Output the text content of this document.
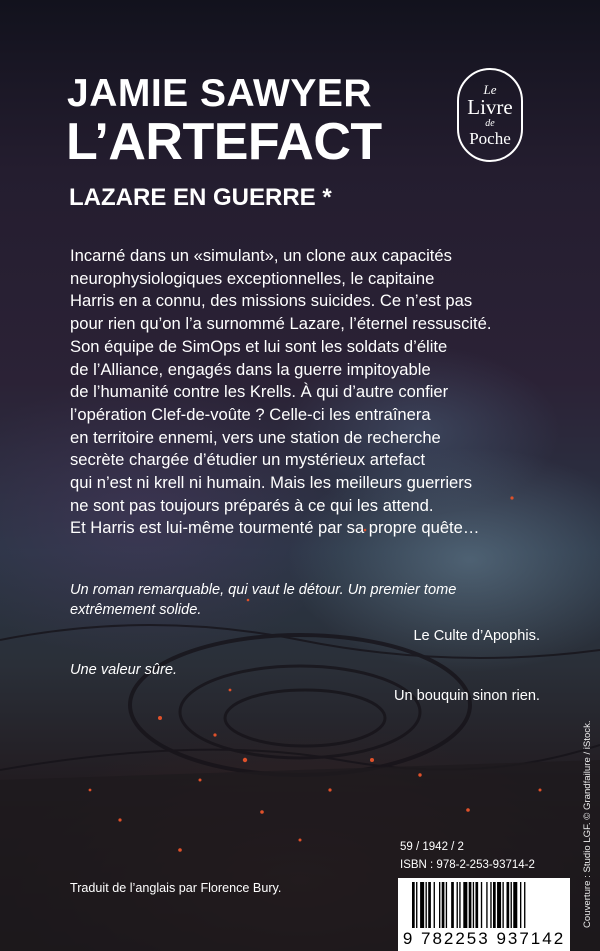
JAMIE SAWYER
L’ARTEFACT
LAZARE EN GUERRE *
Le
Livre
de
Poche
Incarné dans un «simulant», un clone aux capacités
neurophysiologiques exceptionnelles, le capitaine
Harris en a connu, des missions suicides. Ce n’est pas
pour rien qu’on l’a surnommé Lazare, l’éternel ressuscité.
Son équipe de SimOps et lui sont les soldats d’élite
de l’Alliance, engagés dans la guerre impitoyable
de l’humanité contre les Krells. À qui d’autre confier
l’opération Clef-de-voûte ? Celle-ci les entraînera
en territoire ennemi, vers une station de recherche
secrète chargée d’étudier un mystérieux artefact
qui n’est ni krell ni humain. Mais les meilleurs guerriers
ne sont pas toujours préparés à ce qui les attend.
Et Harris est lui-même tourmenté par sa propre quête…
Un roman remarquable, qui vaut le détour. Un premier tome
extrêmement solide.
Le Culte d’Apophis.
Une valeur sûre.
Un bouquin sinon rien.
Couverture : Studio LGF. © Grandfailure / iStock.
59 / 1942 / 2
ISBN : 978-2-253-93714-2
Traduit de l’anglais par Florence Bury.
9 782253 937142
